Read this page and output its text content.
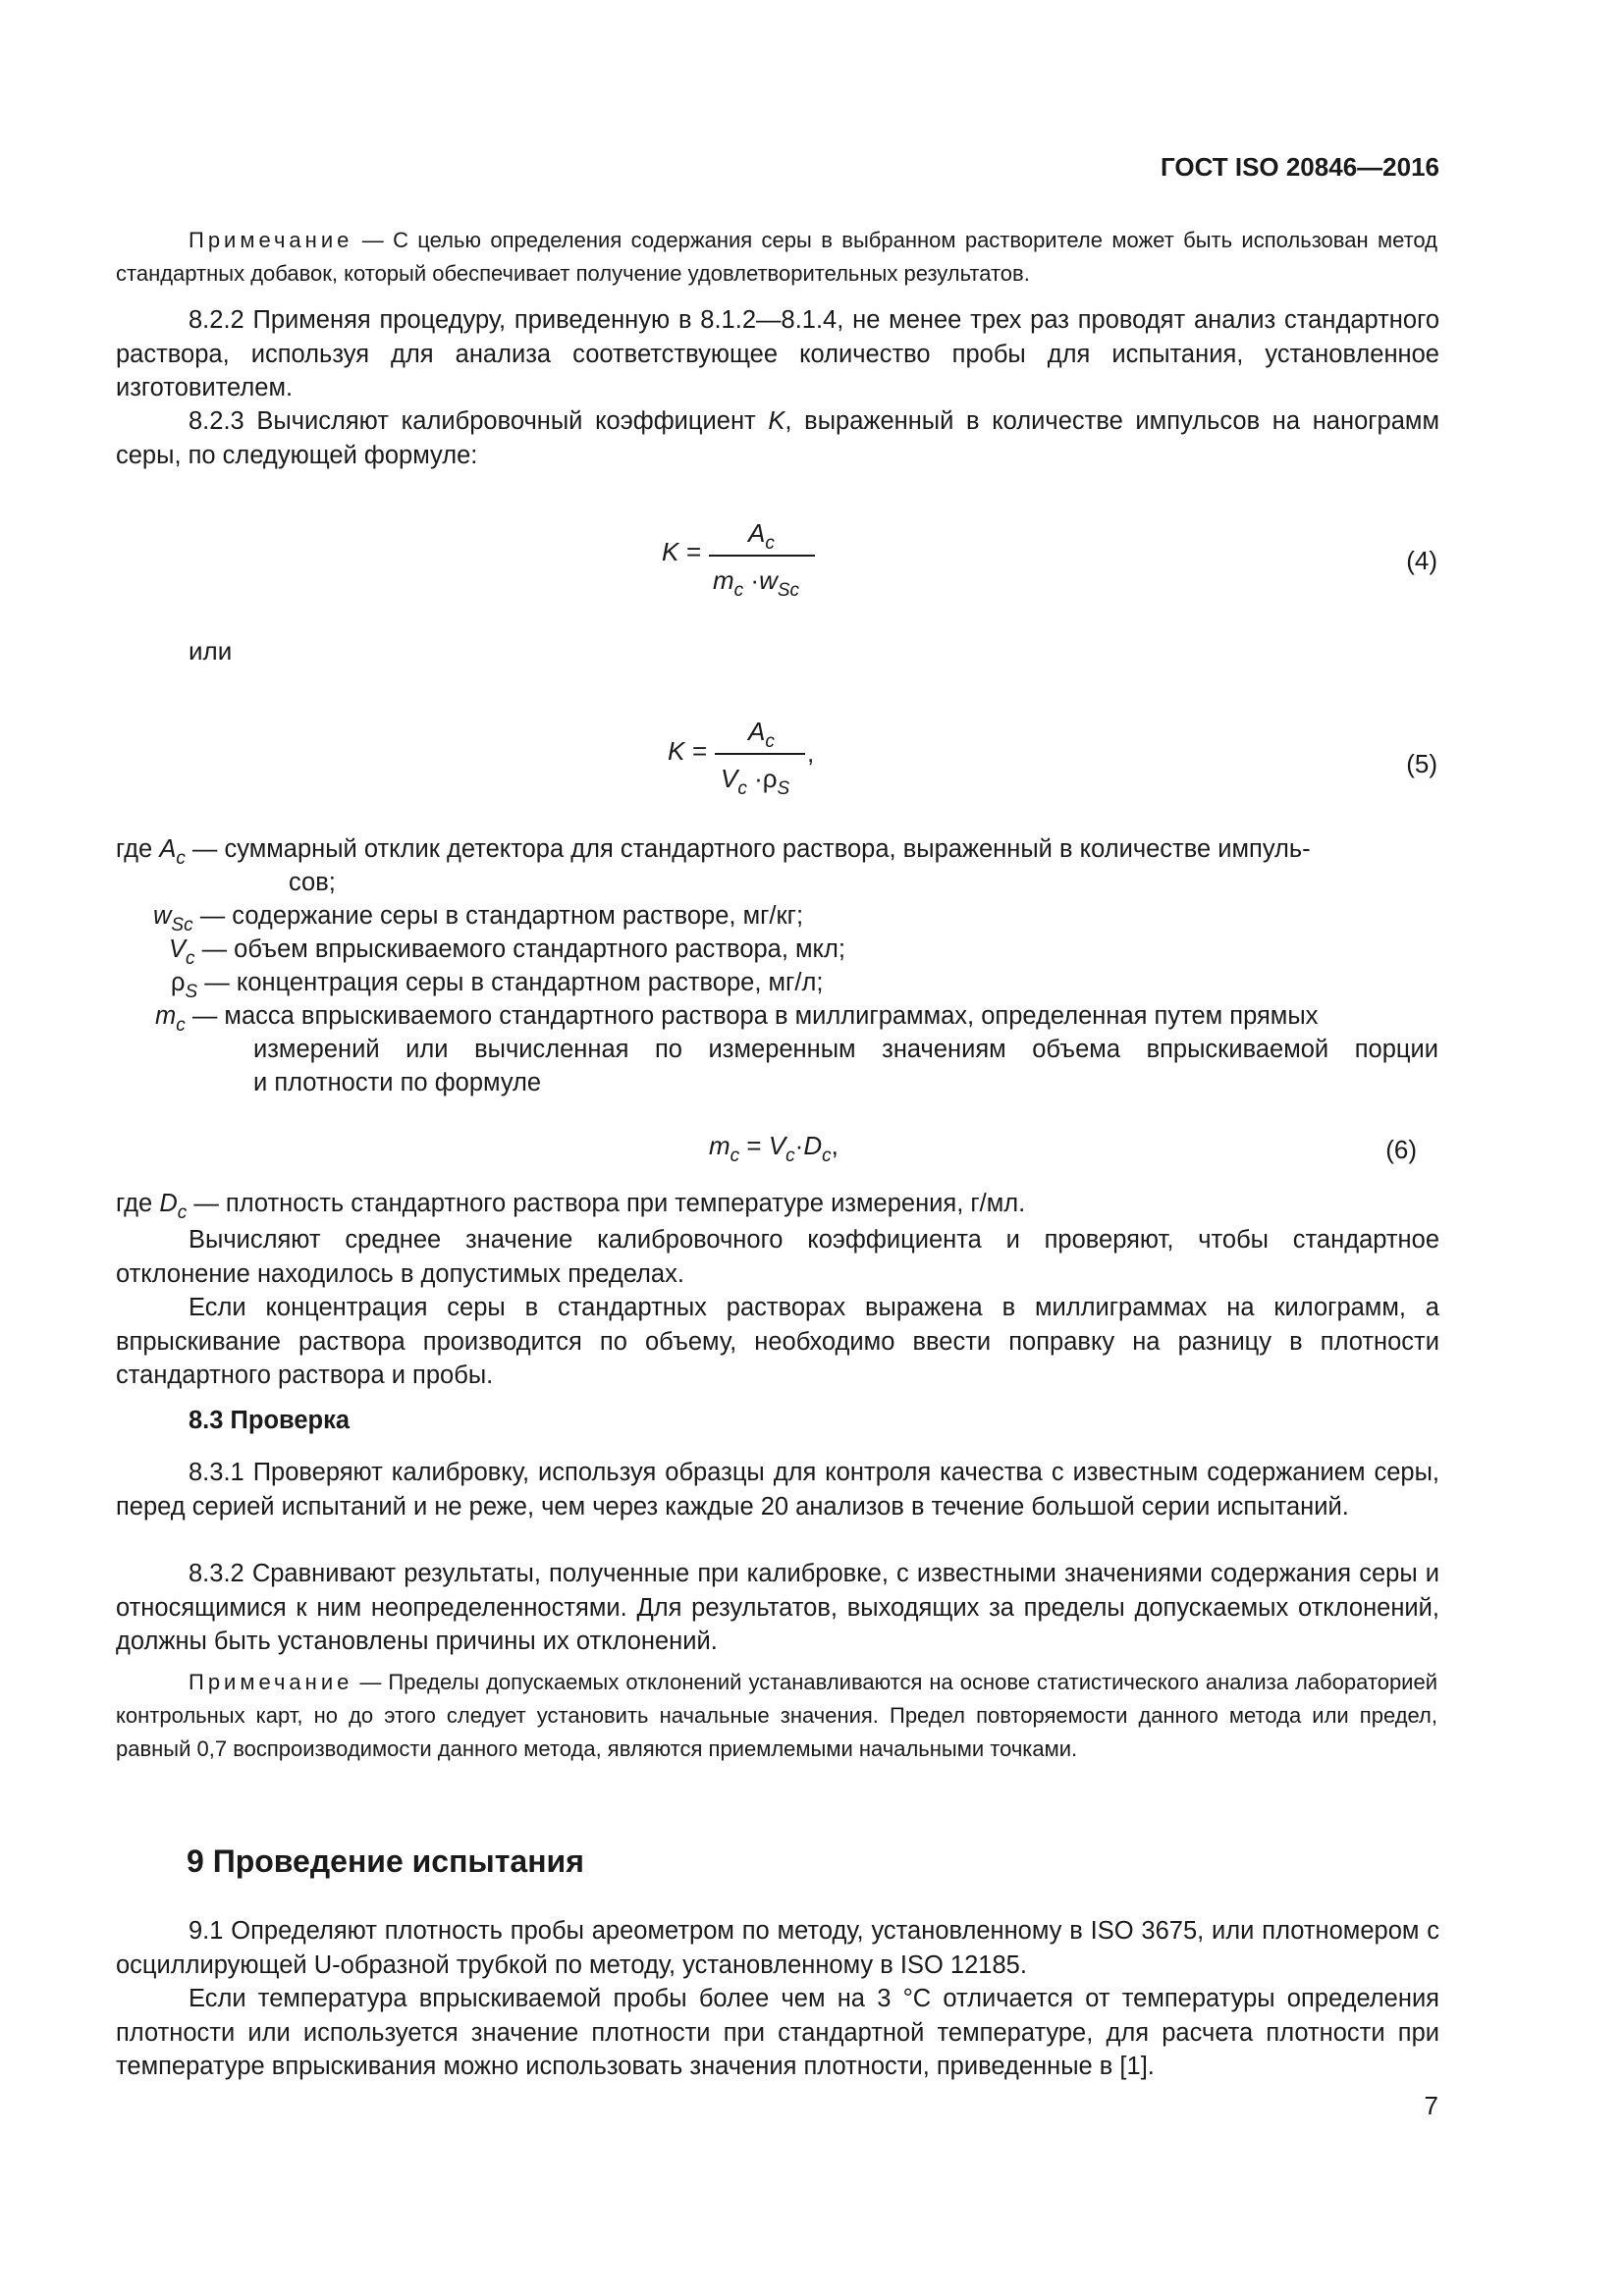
ГОСТ ISO 20846—2016
Примечание — С целью определения содержания серы в выбранном растворителе может быть использован метод стандартных добавок, который обеспечивает получение удовлетворительных результатов.
8.2.2 Применяя процедуру, приведенную в 8.1.2—8.1.4, не менее трех раз проводят анализ стандартного раствора, используя для анализа соответствующее количество пробы для испытания, установленное изготовителем.
8.2.3 Вычисляют калибровочный коэффициент K, выраженный в количестве импульсов на нанограмм серы, по следующей формуле:
K =
$A_c$
$m_c \cdot w_{Sc}$
(4)
или
K =
$A_c$ ,
$V_c \cdot\rho_S$
(5)
где $A_c$ — суммарный отклик детектора для стандартного раствора, выраженный в количестве импуль-
сов;
$w_{Sc}$ — содержание серы в стандартном растворе, мг/кг;
$V_c$ — объем впрыскиваемого стандартного раствора, мкл;
$\rho_S$ — концентрация серы в стандартном растворе, мг/л;
$m_c$ — масса впрыскиваемого стандартного раствора в миллиграммах, определенная путем прямых
измерений или вычисленная по измеренным значениям объема впрыскиваемой порции
и плотности по формуле
$m_c = V_c\cdot D_c$,	(6)
где $D_c$ — плотность стандартного раствора при температуре измерения, г/мл.
Вычисляют среднее значение калибровочного коэффициента и проверяют, чтобы стандартное отклонение находилось в допустимых пределах.
Если концентрация серы в стандартных растворах выражена в миллиграммах на килограмм, а впрыскивание раствора производится по объему, необходимо ввести поправку на разницу в плотности стандартного раствора и пробы.
8.3 Проверка
8.3.1 Проверяют калибровку, используя образцы для контроля качества с известным содержанием серы, перед серией испытаний и не реже, чем через каждые 20 анализов в течение большой серии испытаний.
8.3.2 Сравнивают результаты, полученные при калибровке, с известными значениями содержания серы и относящимися к ним неопределенностями. Для результатов, выходящих за пределы допускаемых отклонений, должны быть установлены причины их отклонений.
Примечание — Пределы допускаемых отклонений устанавливаются на основе статистического анализа лабораторией контрольных карт, но до этого следует установить начальные значения. Предел повторяемости данного метода или предел, равный 0,7 воспроизводимости данного метода, являются приемлемыми начальными точками.
9 Проведение испытания
9.1 Определяют плотность пробы ареометром по методу, установленному в ISO 3675, или плотномером с осциллирующей U-образной трубкой по методу, установленному в ISO 12185.
Если температура впрыскиваемой пробы более чем на 3 °С отличается от температуры определения плотности или используется значение плотности при стандартной температуре, для расчета плотности при температуре впрыскивания можно использовать значения плотности, приведенные в [1].
7
